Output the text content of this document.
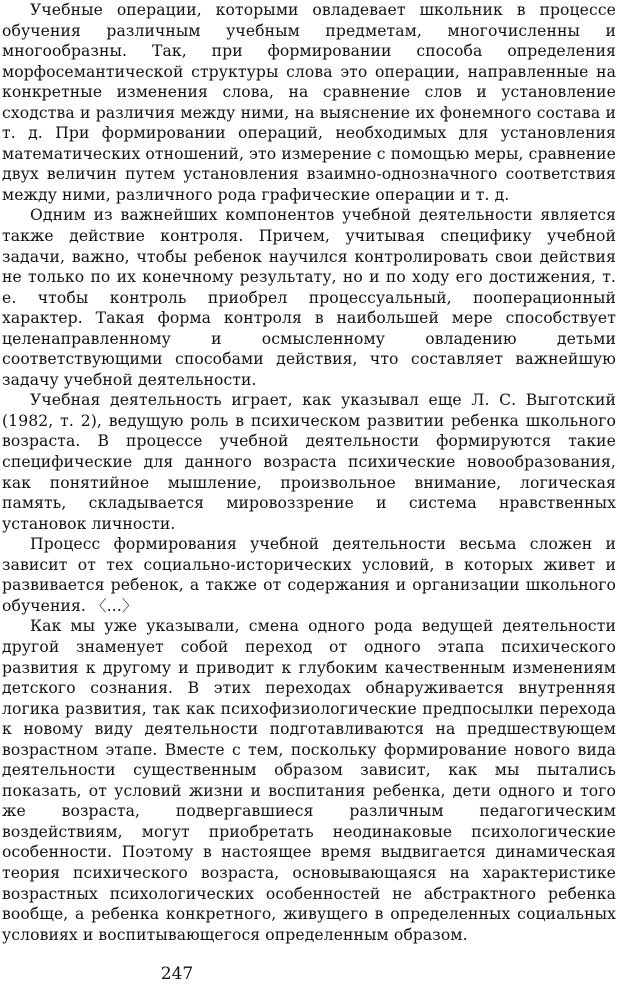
Учебные операции, которыми овладевает школьник в процессе обучения различным учебным предметам, многочисленны и многообразны. Так, при формировании способа определения морфосемантической структуры слова это операции, направленные на конкретные изменения слова, на сравнение слов и установление сходства и различия между ними, на выяснение их фонемного состава и т. д. При формировании операций, необходимых для установления математических отношений, это измерение с помощью меры, сравнение двух величин путем установления взаимно-однозначного соответствия между ними, различного рода графические операции и т. д.

Одним из важнейших компонентов учебной деятельности является также действие контроля. Причем, учитывая специфику учебной задачи, важно, чтобы ребенок научился контролировать свои действия не только по их конечному результату, но и по ходу его достижения, т. е. чтобы контроль приобрел процессуальный, пооперационный характер. Такая форма контроля в наибольшей мере способствует целенаправленному и осмысленному овладению детьми соответствующими способами действия, что составляет важнейшую задачу учебной деятельности.

Учебная деятельность играет, как указывал еще Л. С. Выготский (1982, т. 2), ведущую роль в психическом развитии ребенка школьного возраста. В процессе учебной деятельности формируются такие специфические для данного возраста психические новообразования, как понятийное мышление, произвольное внимание, логическая память, складывается мировоззрение и система нравственных установок личности.

Процесс формирования учебной деятельности весьма сложен и зависит от тех социально-исторических условий, в которых живет и развивается ребенок, а также от содержания и организации школьного обучения. 〈...〉

Как мы уже указывали, смена одного рода ведущей деятельности другой знаменует собой переход от одного этапа психического развития к другому и приводит к глубоким качественным изменениям детского сознания. В этих переходах обнаруживается внутренняя логика развития, так как психофизиологические предпосылки перехода к новому виду деятельности подготавливаются на предшествующем возрастном этапе. Вместе с тем, поскольку формирование нового вида деятельности существенным образом зависит, как мы пытались показать, от условий жизни и воспитания ребенка, дети одного и того же возраста, подвергавшиеся различным педагогическим воздействиям, могут приобретать неодинаковые психологические особенности. Поэтому в настоящее время выдвигается динамическая теория психического возраста, основывающаяся на характеристике возрастных психологических особенностей не абстрактного ребенка вообще, а ребенка конкретного, живущего в определенных социальных условиях и воспитывающегося определенным образом.

247
